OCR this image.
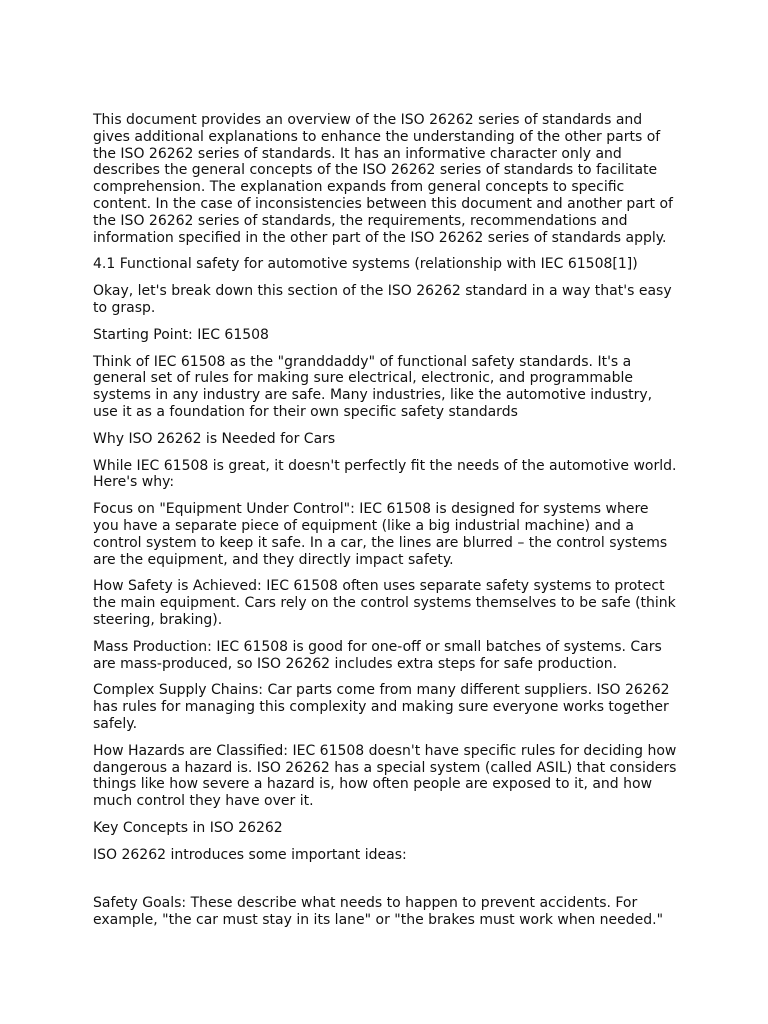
This document provides an overview of the ISO 26262 series of standards and gives additional explanations to enhance the understanding of the other parts of the ISO 26262 series of standards. It has an informative character only and describes the general concepts of the ISO 26262 series of standards to facilitate comprehension. The explanation expands from general concepts to specific content. In the case of inconsistencies between this document and another part of the ISO 26262 series of standards, the requirements, recommendations and information specified in the other part of the ISO 26262 series of standards apply.

4.1 Functional safety for automotive systems (relationship with IEC 61508[1])

Okay, let's break down this section of the ISO 26262 standard in a way that's easy to grasp.

Starting Point: IEC 61508

Think of IEC 61508 as the "granddaddy" of functional safety standards. It's a general set of rules for making sure electrical, electronic, and programmable systems in any industry are safe. Many industries, like the automotive industry, use it as a foundation for their own specific safety standards

Why ISO 26262 is Needed for Cars

While IEC 61508 is great, it doesn't perfectly fit the needs of the automotive world. Here's why:

Focus on "Equipment Under Control": IEC 61508 is designed for systems where you have a separate piece of equipment (like a big industrial machine) and a control system to keep it safe. In a car, the lines are blurred – the control systems are the equipment, and they directly impact safety.

How Safety is Achieved: IEC 61508 often uses separate safety systems to protect the main equipment. Cars rely on the control systems themselves to be safe (think steering, braking).

Mass Production: IEC 61508 is good for one-off or small batches of systems. Cars are mass-produced, so ISO 26262 includes extra steps for safe production.

Complex Supply Chains: Car parts come from many different suppliers. ISO 26262 has rules for managing this complexity and making sure everyone works together safely.

How Hazards are Classified: IEC 61508 doesn't have specific rules for deciding how dangerous a hazard is. ISO 26262 has a special system (called ASIL) that considers things like how severe a hazard is, how often people are exposed to it, and how much control they have over it.

Key Concepts in ISO 26262

ISO 26262 introduces some important ideas:

Safety Goals: These describe what needs to happen to prevent accidents. For example, "the car must stay in its lane" or "the brakes must work when needed."
